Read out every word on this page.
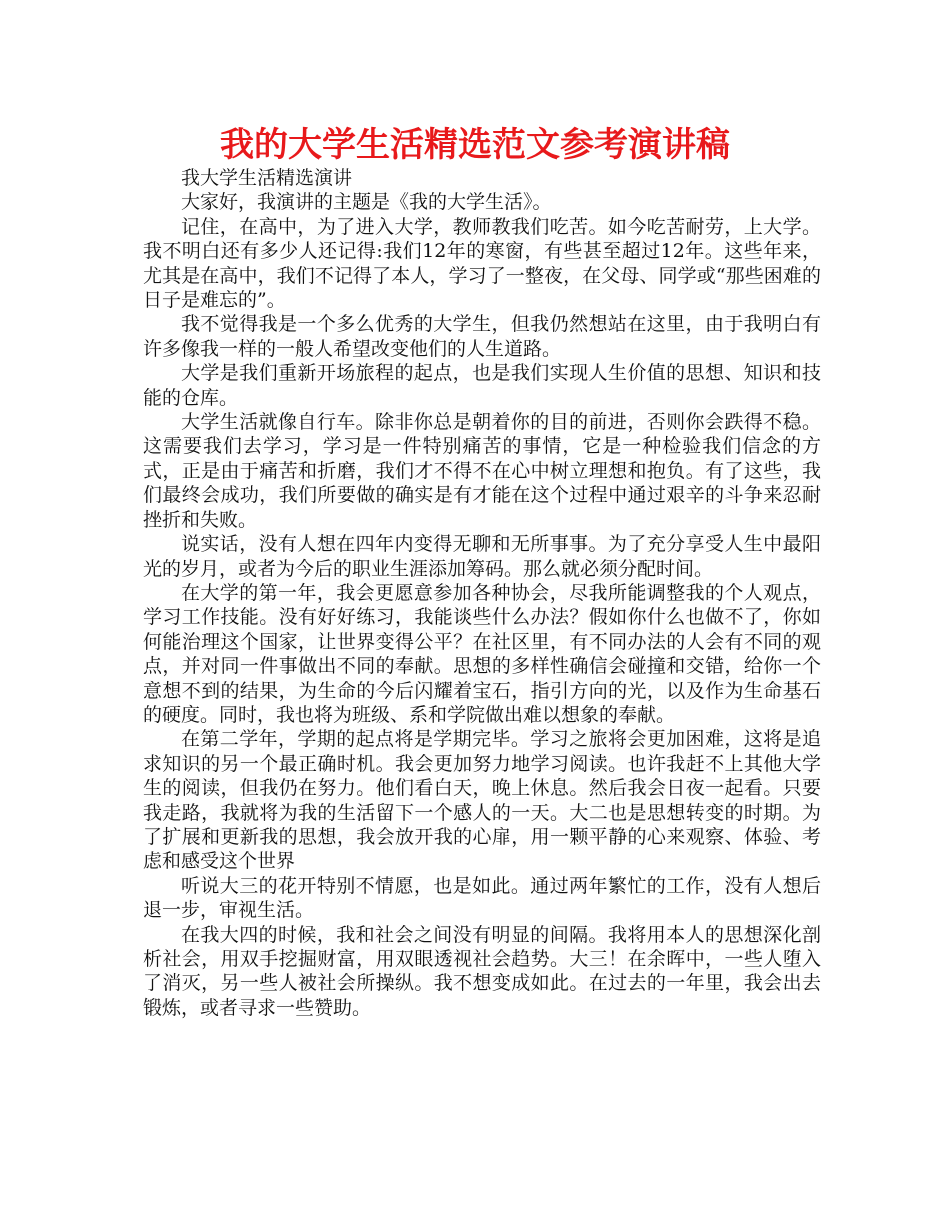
我的大学生活精选范文参考演讲稿

我大学生活精选演讲

大家好，我演讲的主题是《我的大学生活》。

记住，在高中，为了进入大学，教师教我们吃苦。如今吃苦耐劳，上大学。我不明白还有多少人还记得:我们12年的寒窗，有些甚至超过12年。这些年来，尤其是在高中，我们不记得了本人，学习了一整夜，在父母、同学或“那些困难的日子是难忘的”。

我不觉得我是一个多么优秀的大学生，但我仍然想站在这里，由于我明白有许多像我一样的一般人希望改变他们的人生道路。

大学是我们重新开场旅程的起点，也是我们实现人生价值的思想、知识和技能的仓库。

大学生活就像自行车。除非你总是朝着你的目的前进，否则你会跌得不稳。这需要我们去学习，学习是一件特别痛苦的事情，它是一种检验我们信念的方式，正是由于痛苦和折磨，我们才不得不在心中树立理想和抱负。有了这些，我们最终会成功，我们所要做的确实是有才能在这个过程中通过艰辛的斗争来忍耐挫折和失败。

说实话，没有人想在四年内变得无聊和无所事事。为了充分享受人生中最阳光的岁月，或者为今后的职业生涯添加筹码。那么就必须分配时间。

在大学的第一年，我会更愿意参加各种协会，尽我所能调整我的个人观点，学习工作技能。没有好好练习，我能谈些什么办法？假如你什么也做不了，你如何能治理这个国家，让世界变得公平？在社区里，有不同办法的人会有不同的观点，并对同一件事做出不同的奉献。思想的多样性确信会碰撞和交错，给你一个意想不到的结果，为生命的今后闪耀着宝石，指引方向的光，以及作为生命基石的硬度。同时，我也将为班级、系和学院做出难以想象的奉献。

在第二学年，学期的起点将是学期完毕。学习之旅将会更加困难，这将是追求知识的另一个最正确时机。我会更加努力地学习阅读。也许我赶不上其他大学生的阅读，但我仍在努力。他们看白天，晚上休息。然后我会日夜一起看。只要我走路，我就将为我的生活留下一个感人的一天。大二也是思想转变的时期。为了扩展和更新我的思想，我会放开我的心扉，用一颗平静的心来观察、体验、考虑和感受这个世界

听说大三的花开特别不情愿，也是如此。通过两年繁忙的工作，没有人想后退一步，审视生活。

在我大四的时候，我和社会之间没有明显的间隔。我将用本人的思想深化剖析社会，用双手挖掘财富，用双眼透视社会趋势。大三！在余晖中，一些人堕入了消灭，另一些人被社会所操纵。我不想变成如此。在过去的一年里，我会出去锻炼，或者寻求一些赞助。
